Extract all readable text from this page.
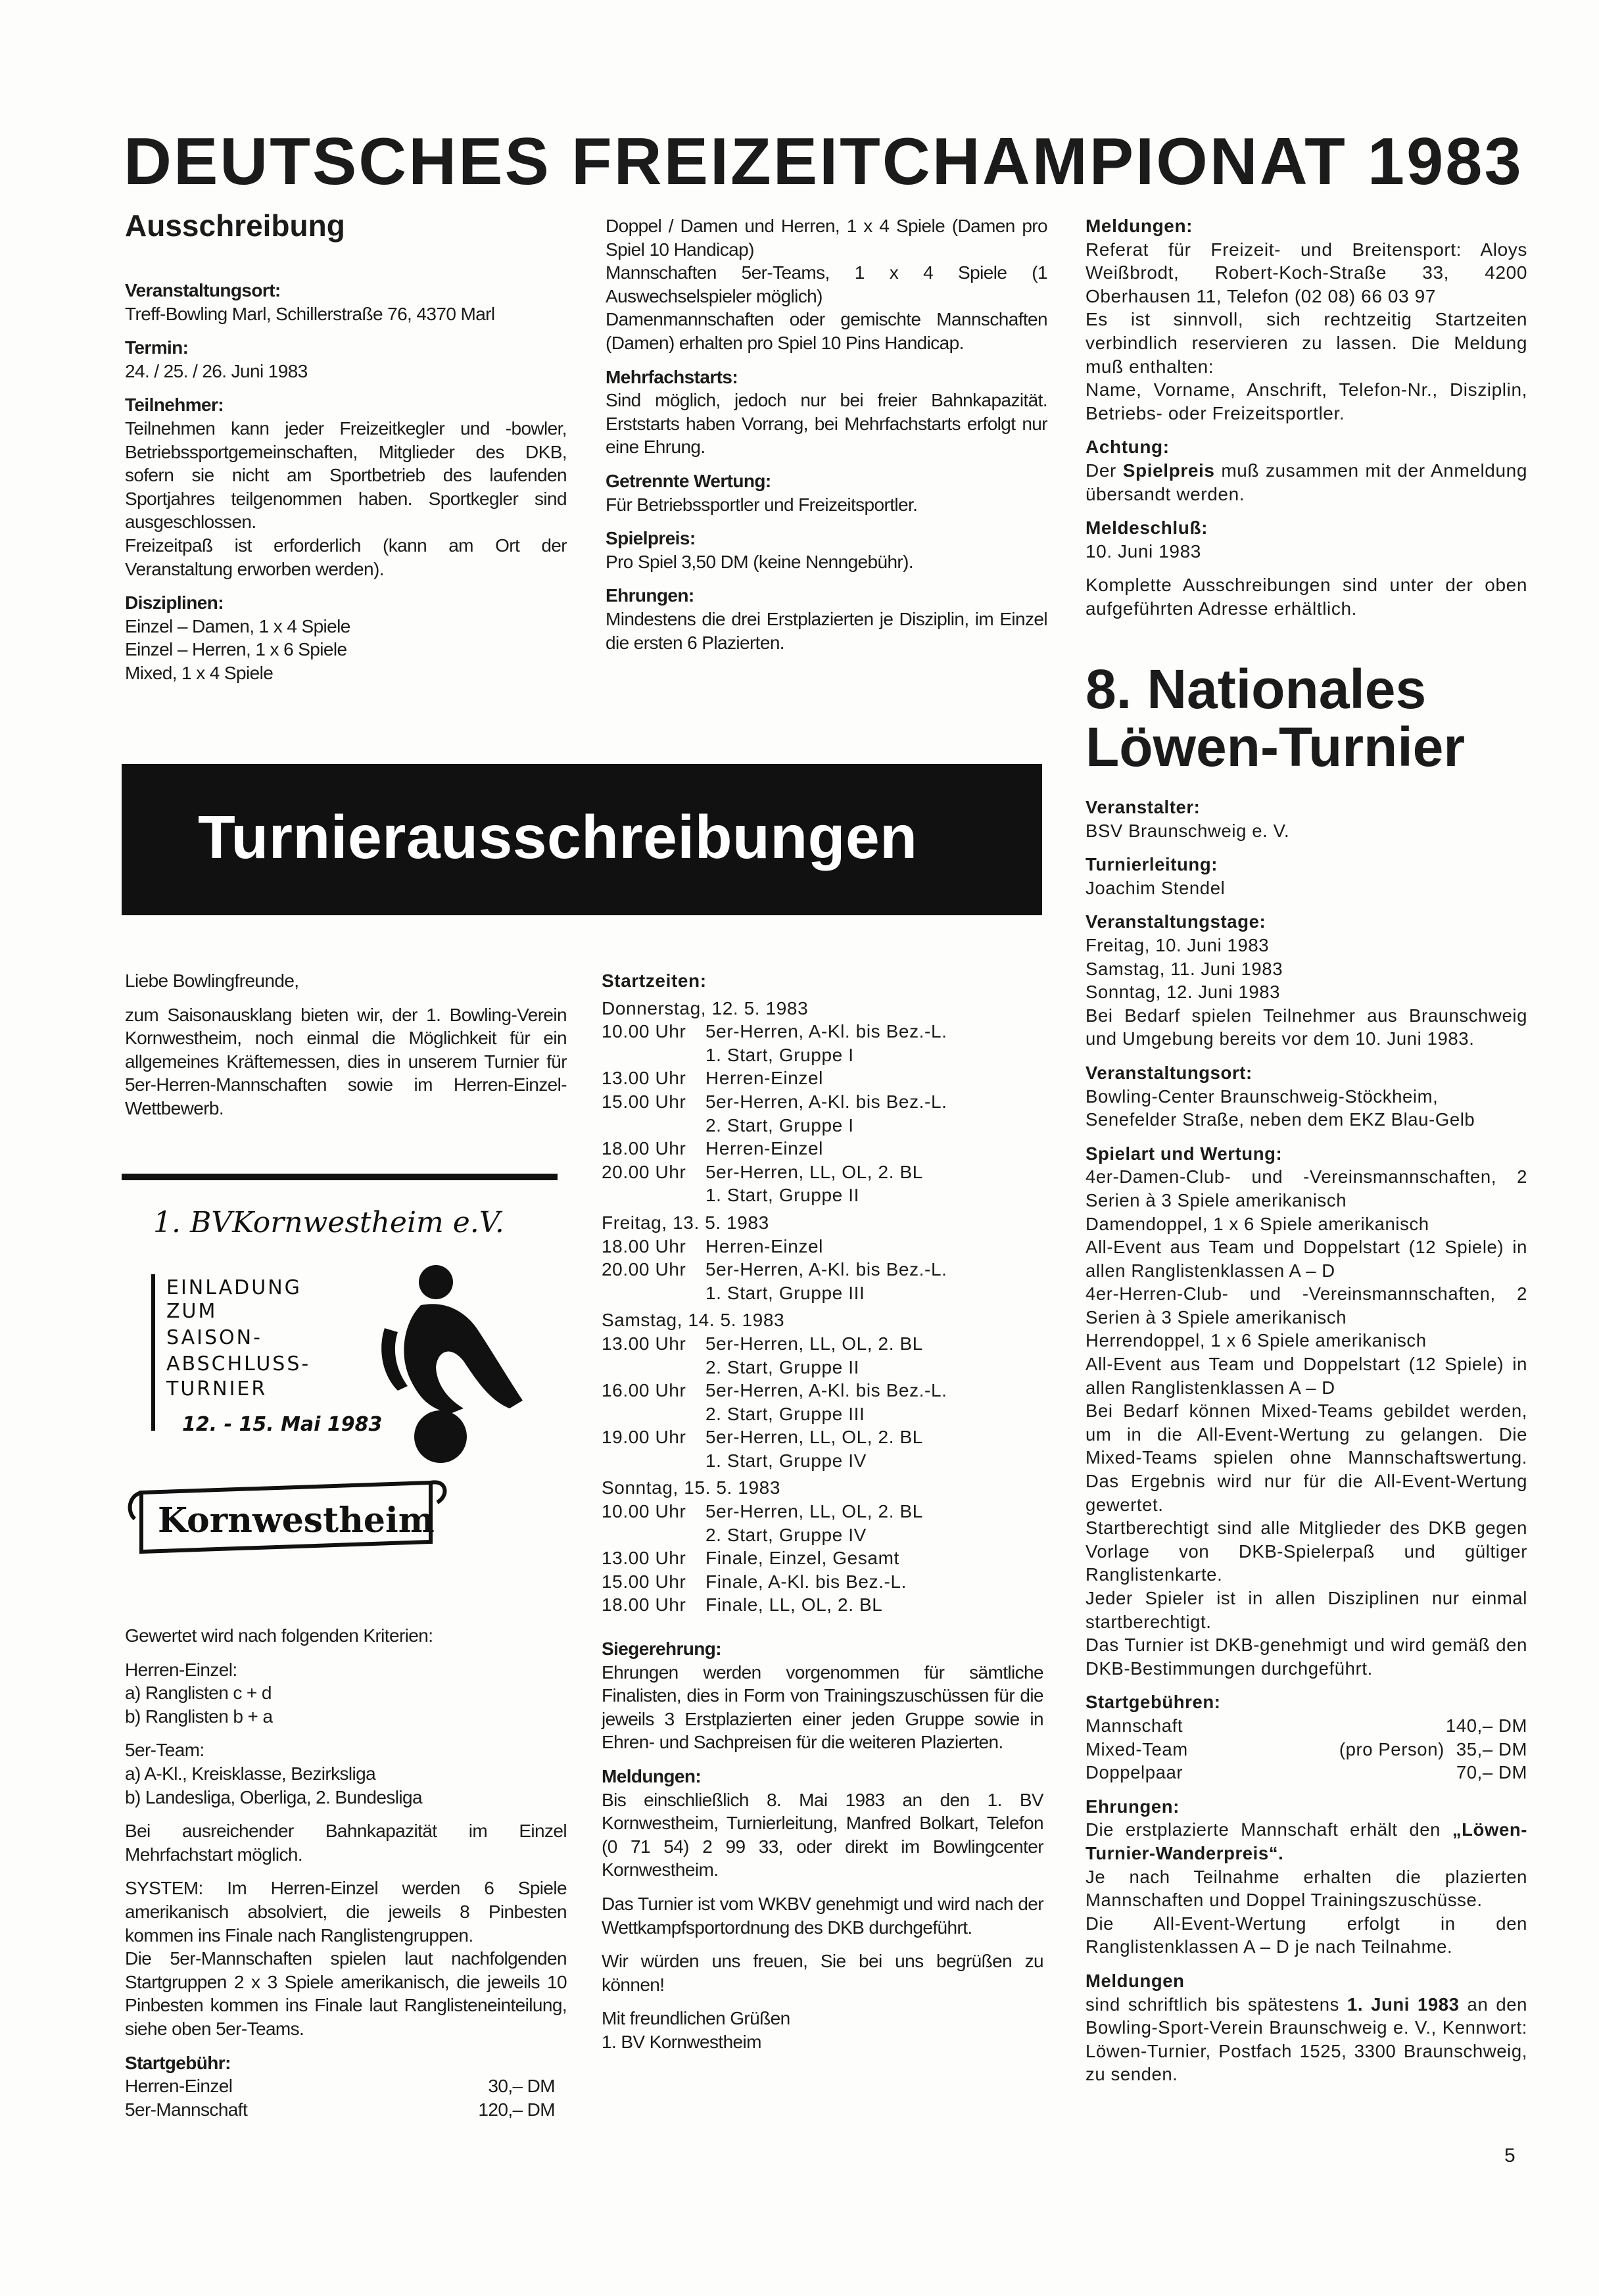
DEUTSCHES FREIZEITCHAMPIONAT 1983
Ausschreibung
Veranstaltungsort:
Treff-Bowling Marl, Schillerstraße 76, 4370 Marl
Termin:
24. / 25. / 26. Juni 1983
Teilnehmer:
Teilnehmen kann jeder Freizeitkegler und -bowler, Betriebssportgemeinschaften, Mitglieder des DKB, sofern sie nicht am Sportbetrieb des laufenden Sportjahres teilgenommen haben. Sportkegler sind ausgeschlossen.
Freizeitpaß ist erforderlich (kann am Ort der Veranstaltung erworben werden).
Disziplinen:
Einzel – Damen, 1 x 4 Spiele
Einzel – Herren, 1 x 6 Spiele
Mixed, 1 x 4 Spiele
Doppel / Damen und Herren, 1 x 4 Spiele (Damen pro Spiel 10 Handicap)
Mannschaften 5er-Teams, 1 x 4 Spiele (1 Auswechselspieler möglich)
Damenmannschaften oder gemischte Mannschaften (Damen) erhalten pro Spiel 10 Pins Handicap.
Mehrfachstarts:
Sind möglich, jedoch nur bei freier Bahnkapazität. Erststarts haben Vorrang, bei Mehrfachstarts erfolgt nur eine Ehrung.
Getrennte Wertung:
Für Betriebssportler und Freizeitsportler.
Spielpreis:
Pro Spiel 3,50 DM (keine Nenngebühr).
Ehrungen:
Mindestens die drei Erstplazierten je Disziplin, im Einzel die ersten 6 Plazierten.
Meldungen:
Referat für Freizeit- und Breitensport: Aloys Weißbrodt, Robert-Koch-Straße 33, 4200 Oberhausen 11, Telefon (02 08) 66 03 97
Es ist sinnvoll, sich rechtzeitig Startzeiten verbindlich reservieren zu lassen. Die Meldung muß enthalten:
Name, Vorname, Anschrift, Telefon-Nr., Disziplin, Betriebs- oder Freizeitsportler.
Achtung:
Der Spielpreis muß zusammen mit der Anmeldung übersandt werden.
Meldeschluß:
10. Juni 1983
Komplette Ausschreibungen sind unter der oben aufgeführten Adresse erhältlich.
8. Nationales
Löwen-Turnier
Turnierausschreibungen
Liebe Bowlingfreunde,
zum Saisonausklang bieten wir, der 1. Bowling-Verein Kornwestheim, noch einmal die Möglichkeit für ein allgemeines Kräftemessen, dies in unserem Turnier für 5er-Herren-Mannschaften sowie im Herren-Einzel-Wettbewerb.
1. BVKornwestheim e.V.
EINLADUNG
ZUM
SAISON-
ABSCHLUSS-
TURNIER
12. - 15. Mai 1983
Kornwestheim
Gewertet wird nach folgenden Kriterien:
Herren-Einzel:
a) Ranglisten c + d
b) Ranglisten b + a
5er-Team:
a) A-Kl., Kreisklasse, Bezirksliga
b) Landesliga, Oberliga, 2. Bundesliga
Bei ausreichender Bahnkapazität im Einzel Mehrfachstart möglich.
SYSTEM: Im Herren-Einzel werden 6 Spiele amerikanisch absolviert, die jeweils 8 Pinbesten kommen ins Finale nach Ranglistengruppen.
Die 5er-Mannschaften spielen laut nachfolgenden Startgruppen 2 x 3 Spiele amerikanisch, die jeweils 10 Pinbesten kommen ins Finale laut Ranglisteneinteilung, siehe oben 5er-Teams.
Startgebühr:
Herren-Einzel	30,– DM
5er-Mannschaft	120,– DM
Startzeiten:
Donnerstag, 12. 5. 1983
10.00 Uhr	5er-Herren, A-Kl. bis Bez.-L.
1. Start, Gruppe I
13.00 Uhr	Herren-Einzel
15.00 Uhr	5er-Herren, A-Kl. bis Bez.-L.
2. Start, Gruppe I
18.00 Uhr	Herren-Einzel
20.00 Uhr	5er-Herren, LL, OL, 2. BL
1. Start, Gruppe II
Freitag, 13. 5. 1983
18.00 Uhr	Herren-Einzel
20.00 Uhr	5er-Herren, A-Kl. bis Bez.-L.
1. Start, Gruppe III
Samstag, 14. 5. 1983
13.00 Uhr	5er-Herren, LL, OL, 2. BL
2. Start, Gruppe II
16.00 Uhr	5er-Herren, A-Kl. bis Bez.-L.
2. Start, Gruppe III
19.00 Uhr	5er-Herren, LL, OL, 2. BL
1. Start, Gruppe IV
Sonntag, 15. 5. 1983
10.00 Uhr	5er-Herren, LL, OL, 2. BL
2. Start, Gruppe IV
13.00 Uhr	Finale, Einzel, Gesamt
15.00 Uhr	Finale, A-Kl. bis Bez.-L.
18.00 Uhr	Finale, LL, OL, 2. BL
Siegerehrung:
Ehrungen werden vorgenommen für sämtliche Finalisten, dies in Form von Trainingszuschüssen für die jeweils 3 Erstplazierten einer jeden Gruppe sowie in Ehren- und Sachpreisen für die weiteren Plazierten.
Meldungen:
Bis einschließlich 8. Mai 1983 an den 1. BV Kornwestheim, Turnierleitung, Manfred Bolkart, Telefon (0 71 54) 2 99 33, oder direkt im Bowlingcenter Kornwestheim.
Das Turnier ist vom WKBV genehmigt und wird nach der Wettkampfsportordnung des DKB durchgeführt.
Wir würden uns freuen, Sie bei uns begrüßen zu können!
Mit freundlichen Grüßen
1. BV Kornwestheim
Veranstalter:
BSV Braunschweig e. V.
Turnierleitung:
Joachim Stendel
Veranstaltungstage:
Freitag, 10. Juni 1983
Samstag, 11. Juni 1983
Sonntag, 12. Juni 1983
Bei Bedarf spielen Teilnehmer aus Braunschweig und Umgebung bereits vor dem 10. Juni 1983.
Veranstaltungsort:
Bowling-Center Braunschweig-Stöckheim,
Senefelder Straße, neben dem EKZ Blau-Gelb
Spielart und Wertung:
4er-Damen-Club- und -Vereinsmannschaften, 2 Serien à 3 Spiele amerikanisch
Damendoppel, 1 x 6 Spiele amerikanisch
All-Event aus Team und Doppelstart (12 Spiele) in allen Ranglistenklassen A – D
4er-Herren-Club- und -Vereinsmannschaften, 2 Serien à 3 Spiele amerikanisch
Herrendoppel, 1 x 6 Spiele amerikanisch
All-Event aus Team und Doppelstart (12 Spiele) in allen Ranglistenklassen A – D
Bei Bedarf können Mixed-Teams gebildet werden, um in die All-Event-Wertung zu gelangen. Die Mixed-Teams spielen ohne Mannschaftswertung. Das Ergebnis wird nur für die All-Event-Wertung gewertet.
Startberechtigt sind alle Mitglieder des DKB gegen Vorlage von DKB-Spielerpaß und gültiger Ranglistenkarte.
Jeder Spieler ist in allen Disziplinen nur einmal startberechtigt.
Das Turnier ist DKB-genehmigt und wird gemäß den DKB-Bestimmungen durchgeführt.
Startgebühren:
Mannschaft	140,– DM
Mixed-Team	(pro Person) 35,– DM
Doppelpaar	70,– DM
Ehrungen:
Die erstplazierte Mannschaft erhält den „Löwen-Turnier-Wanderpreis“.
Je nach Teilnahme erhalten die plazierten Mannschaften und Doppel Trainingszuschüsse.
Die All-Event-Wertung erfolgt in den Ranglistenklassen A – D je nach Teilnahme.
Meldungen
sind schriftlich bis spätestens 1. Juni 1983 an den Bowling-Sport-Verein Braunschweig e. V., Kennwort: Löwen-Turnier, Postfach 1525, 3300 Braunschweig, zu senden.
5
